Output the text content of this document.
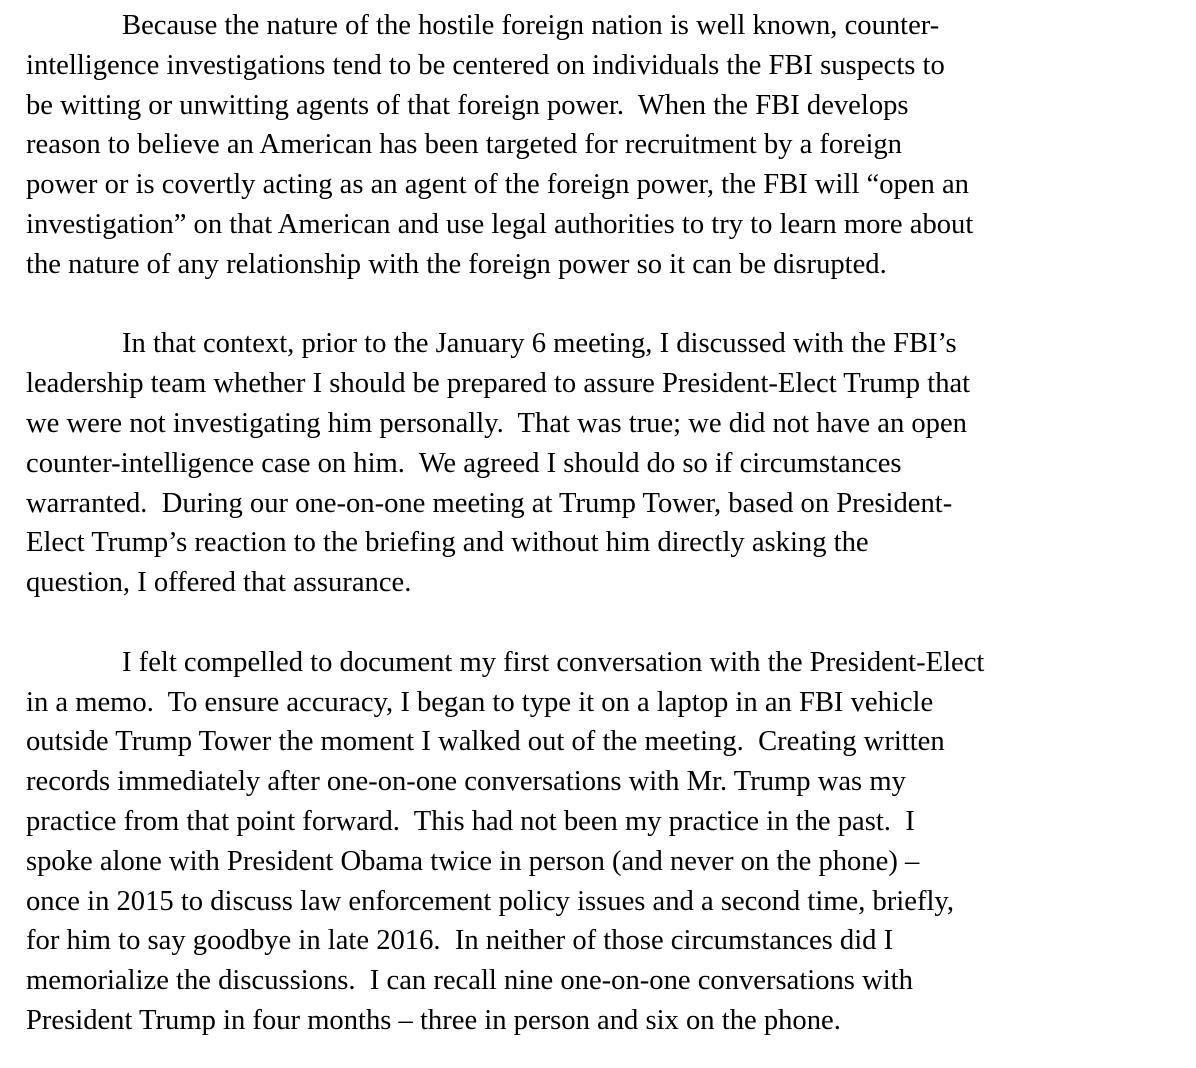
Because the nature of the hostile foreign nation is well known, counter-
intelligence investigations tend to be centered on individuals the FBI suspects to
be witting or unwitting agents of that foreign power.  When the FBI develops
reason to believe an American has been targeted for recruitment by a foreign
power or is covertly acting as an agent of the foreign power, the FBI will “open an
investigation” on that American and use legal authorities to try to learn more about
the nature of any relationship with the foreign power so it can be disrupted.

In that context, prior to the January 6 meeting, I discussed with the FBI’s
leadership team whether I should be prepared to assure President-Elect Trump that
we were not investigating him personally.  That was true; we did not have an open
counter-intelligence case on him.  We agreed I should do so if circumstances
warranted.  During our one-on-one meeting at Trump Tower, based on President-
Elect Trump’s reaction to the briefing and without him directly asking the
question, I offered that assurance.

I felt compelled to document my first conversation with the President-Elect
in a memo.  To ensure accuracy, I began to type it on a laptop in an FBI vehicle
outside Trump Tower the moment I walked out of the meeting.  Creating written
records immediately after one-on-one conversations with Mr. Trump was my
practice from that point forward.  This had not been my practice in the past.  I
spoke alone with President Obama twice in person (and never on the phone) –
once in 2015 to discuss law enforcement policy issues and a second time, briefly,
for him to say goodbye in late 2016.  In neither of those circumstances did I
memorialize the discussions.  I can recall nine one-on-one conversations with
President Trump in four months – three in person and six on the phone.
